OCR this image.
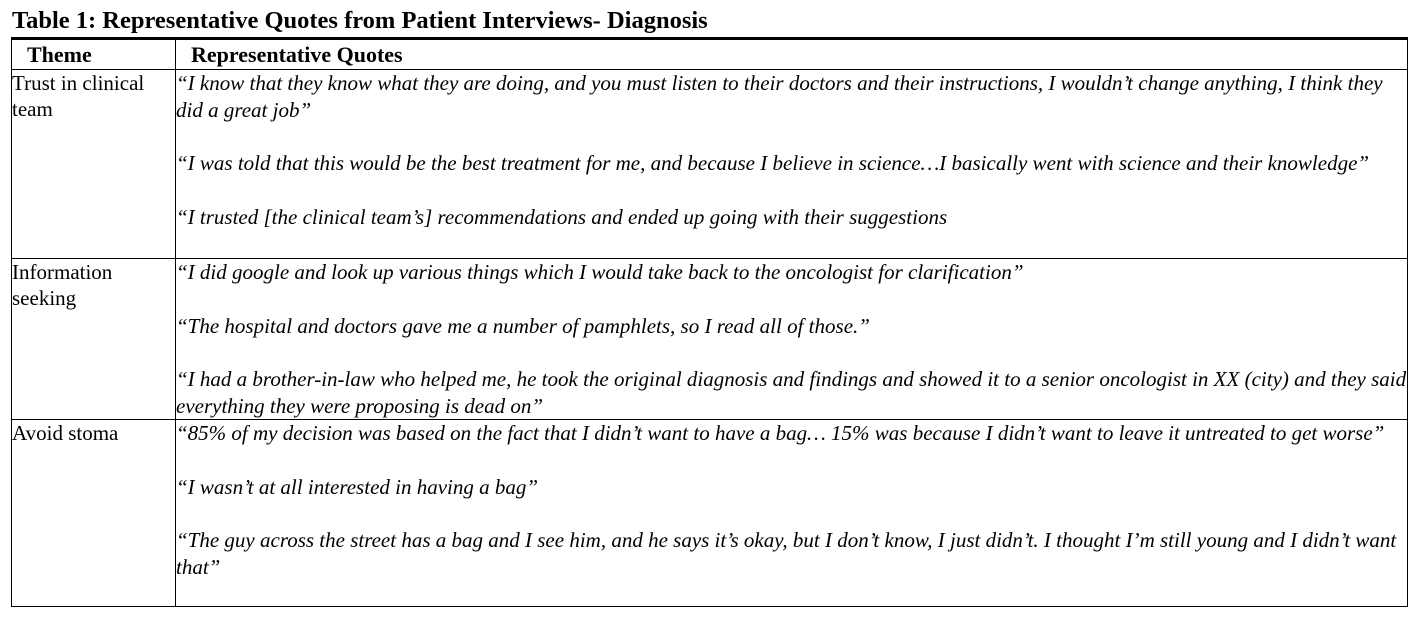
Table 1: Representative Quotes from Patient Interviews- Diagnosis
Theme	Representative Quotes

Trust in clinical team	“I know that they know what they are doing, and you must listen to their doctors and their instructions, I wouldn’t change anything, I think they did a great job”
“I was told that this would be the best treatment for me, and because I believe in science…I basically went with science and their knowledge”
“I trusted [the clinical team’s] recommendations and ended up going with their suggestions

Information seeking	“I did google and look up various things which I would take back to the oncologist for clarification”
“The hospital and doctors gave me a number of pamphlets, so I read all of those.”
“I had a brother-in-law who helped me, he took the original diagnosis and findings and showed it to a senior oncologist in XX (city) and they said everything they were proposing is dead on”

Avoid stoma	“85% of my decision was based on the fact that I didn’t want to have a bag… 15% was because I didn’t want to leave it untreated to get worse”
“I wasn’t at all interested in having a bag”
“The guy across the street has a bag and I see him, and he says it’s okay, but I don’t know, I just didn’t. I thought I’m still young and I didn’t want that”
